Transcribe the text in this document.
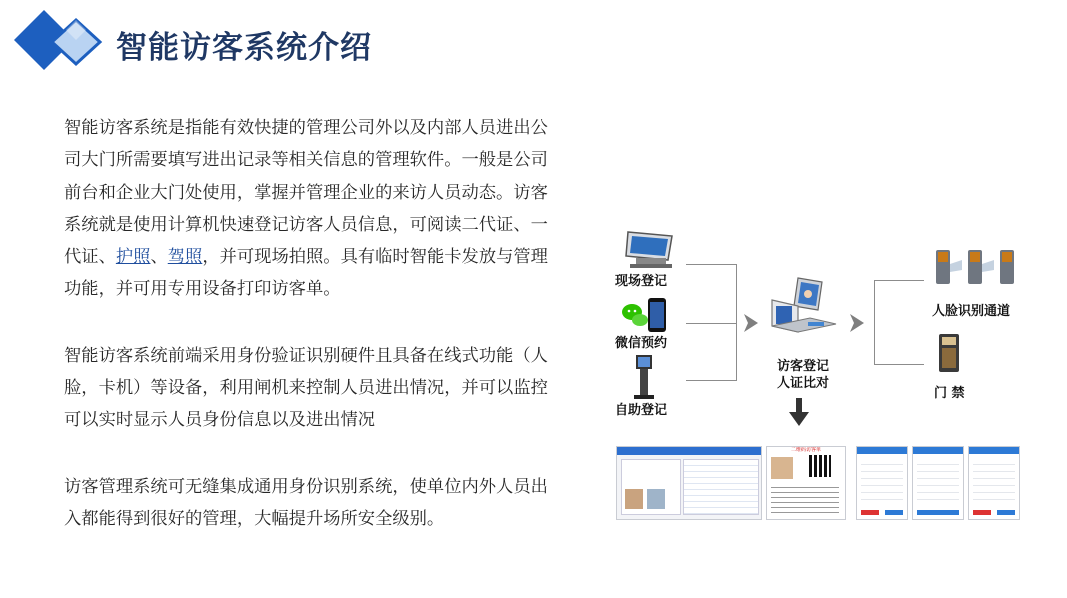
智能访客系统介绍

智能访客系统是指能有效快捷的管理公司外以及内部人员进出公司大门所需要填写进出记录等相关信息的管理软件。一般是公司前台和企业大门处使用，掌握并管理企业的来访人员动态。访客系统就是使用计算机快速登记访客人员信息，可阅读二代证、一代证、护照、驾照，并可现场拍照。具有临时智能卡发放与管理功能，并可用专用设备打印访客单。

智能访客系统前端采用身份验证识别硬件且具备在线式功能（人脸，卡机）等设备，利用闸机来控制人员进出情况，并可以监控可以实时显示人员身份信息以及进出情况

访客管理系统可无缝集成通用身份识别系统，使单位内外人员出入都能得到很好的管理，大幅提升场所安全级别。

现场登记
微信预约
自助登记
访客登记
人证比对
人脸识别通道
门 禁
二维码访客单
